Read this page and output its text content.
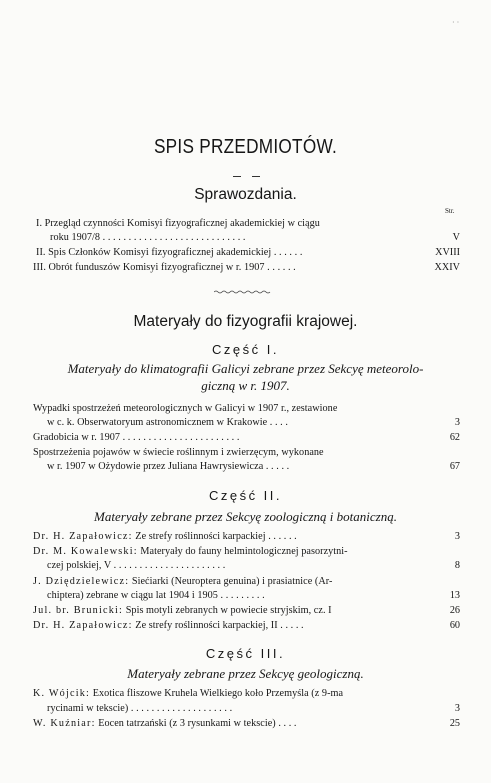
· ·
SPIS PRZEDMIOTÓW.
Sprawozdania.
Str.
I. Przegląd czynności Komisyi fizyograficznej akademickiej w ciągu
roku 1907/8 . . . . . . . . . . . . . . . . . . . . . . . . . . . .	V
II. Spis Członków Komisyi fizyograficznej akademickiej . . . . . .	XVIII
III. Obrót funduszów Komisyi fizyograficznej w r. 1907 . . . . . .	XXIV
Materyały do fizyografii krajowej.
Część I.
Materyały do klimatografii Galicyi zebrane przez Sekcyę meteorolo-
giczną w r. 1907.
Wypadki spostrzeżeń meteorologicznych w Galicyi w 1907 r., zestawione
w c. k. Obserwatoryum astronomicznem w Krakowie . . . .	3
Gradobicia w r. 1907 . . . . . . . . . . . . . . . . . . . . . . .	62
Spostrzeżenia pojawów w świecie roślinnym i zwierzęcym, wykonane
w r. 1907 w Ożydowie przez Juliana Hawrysiewicza . . . . .	67
Część II.
Materyały zebrane przez Sekcyę zoologiczną i botaniczną.
Dr. H. Zapałowicz: Ze strefy roślinności karpackiej . . . . . .	3
Dr. M. Kowalewski: Materyały do fauny helmintologicznej pasorzytni-
czej polskiej, V . . . . . . . . . . . . . . . . . . . . . .	8
J. Dziędzielewicz: Siećiarki (Neuroptera genuina) i prasiatnice (Ar-
chiptera) zebrane w ciągu lat 1904 i 1905 . . . . . . . . .	13
Jul. br. Brunicki: Spis motyli zebranych w powiecie stryjskim, cz. I	26
Dr. H. Zapałowicz: Ze strefy roślinności karpackiej, II . . . . .	60
Część III.
Materyały zebrane przez Sekcyę geologiczną.
K. Wójcik: Exotica fliszowe Kruhela Wielkiego koło Przemyśla (z 9-ma
rycinami w tekscie) . . . . . . . . . . . . . . . . . . . .	3
W. Kuźniar: Eocen tatrzański (z 3 rysunkami w tekscie) . . . .	25
